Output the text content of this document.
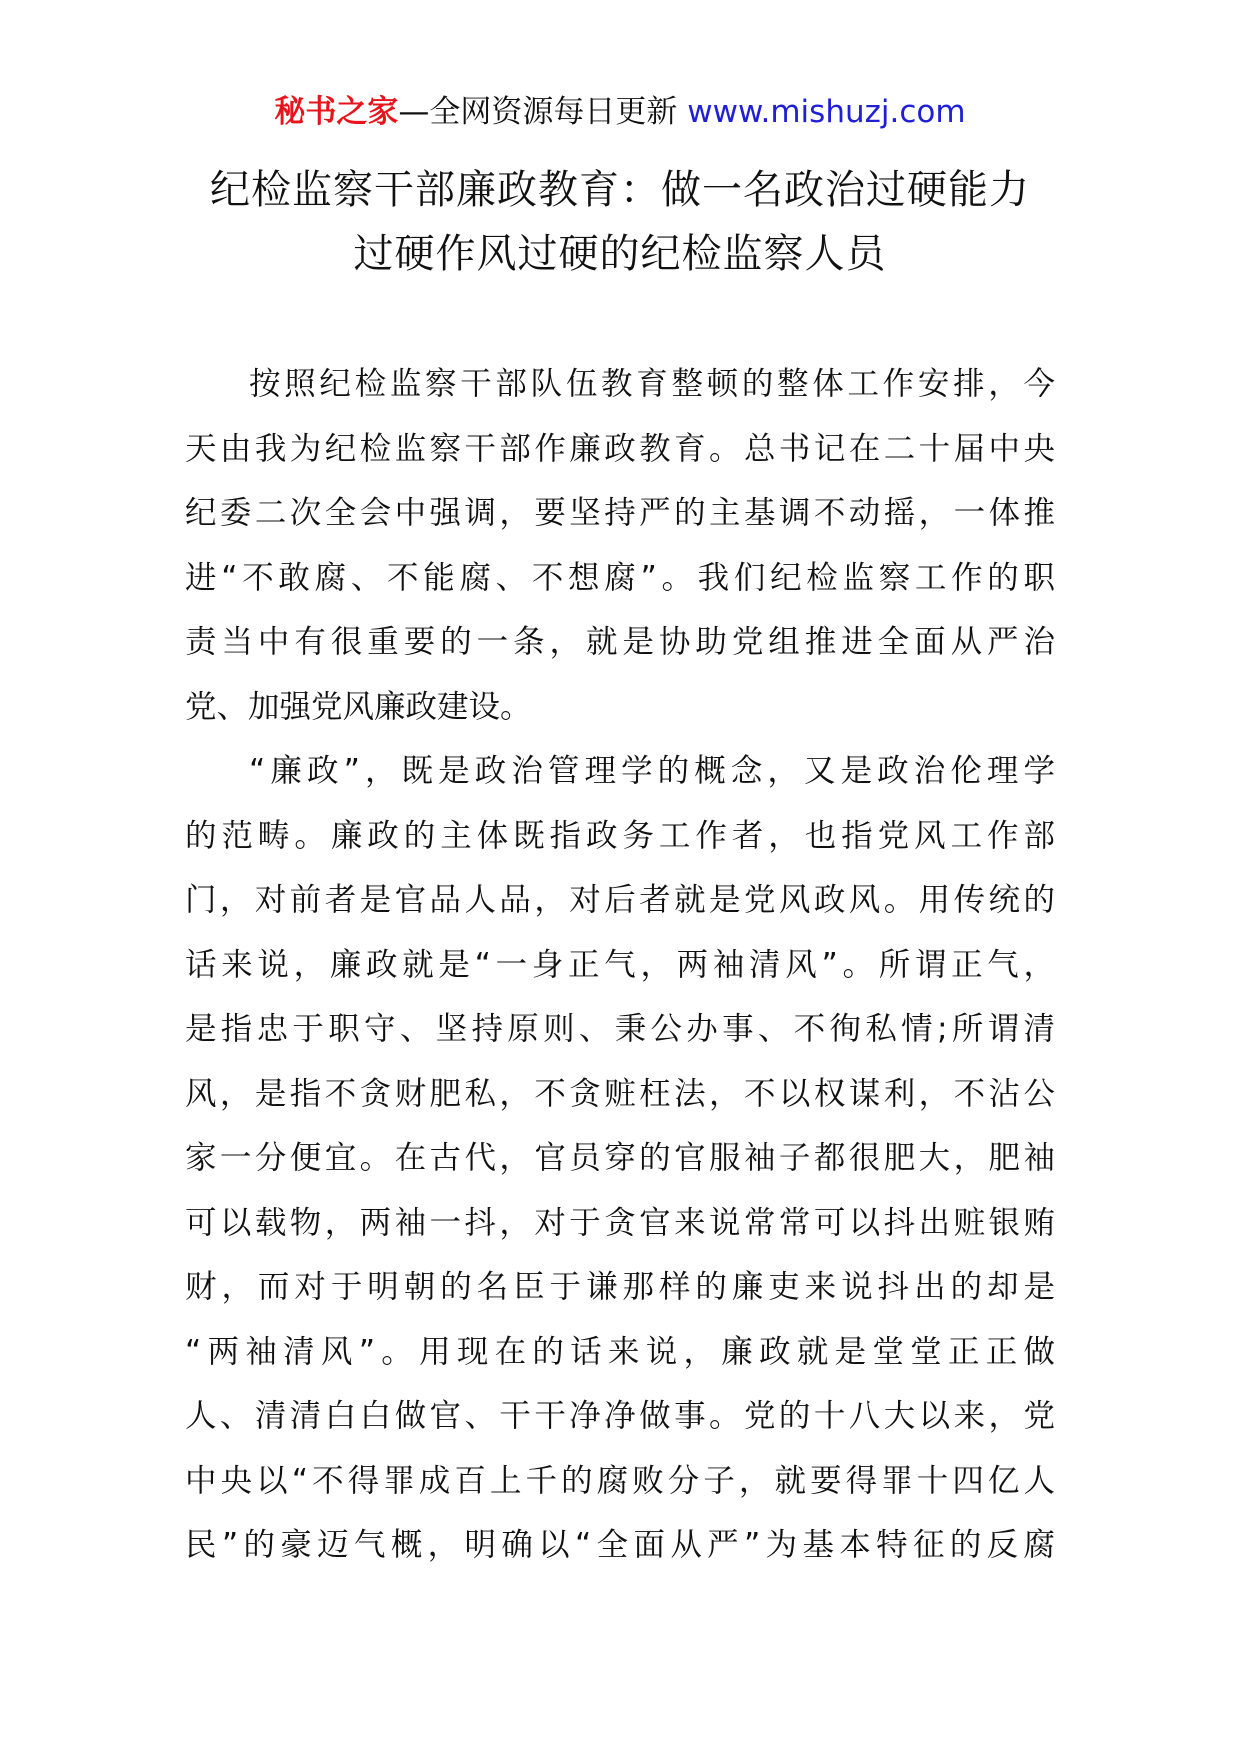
秘书之家—全网资源每日更新 www.mishuzj.com
纪检监察干部廉政教育：做一名政治过硬能力
过硬作风过硬的纪检监察人员
按照纪检监察干部队伍教育整顿的整体工作安排，今
天由我为纪检监察干部作廉政教育。总书记在二十届中央
纪委二次全会中强调，要坚持严的主基调不动摇，一体推
进“不敢腐、不能腐、不想腐”。我们纪检监察工作的职
责当中有很重要的一条，就是协助党组推进全面从严治
党、加强党风廉政建设。
“廉政”，既是政治管理学的概念，又是政治伦理学
的范畴。廉政的主体既指政务工作者，也指党风工作部
门，对前者是官品人品，对后者就是党风政风。用传统的
话来说，廉政就是“一身正气，两袖清风”。所谓正气，
是指忠于职守、坚持原则、秉公办事、不徇私情;所谓清
风，是指不贪财肥私，不贪赃枉法，不以权谋利，不沾公
家一分便宜。在古代，官员穿的官服袖子都很肥大，肥袖
可以载物，两袖一抖，对于贪官来说常常可以抖出赃银贿
财，而对于明朝的名臣于谦那样的廉吏来说抖出的却是
“两袖清风”。用现在的话来说，廉政就是堂堂正正做
人、清清白白做官、干干净净做事。党的十八大以来，党
中央以“不得罪成百上千的腐败分子，就要得罪十四亿人
民”的豪迈气概，明确以“全面从严”为基本特征的反腐
